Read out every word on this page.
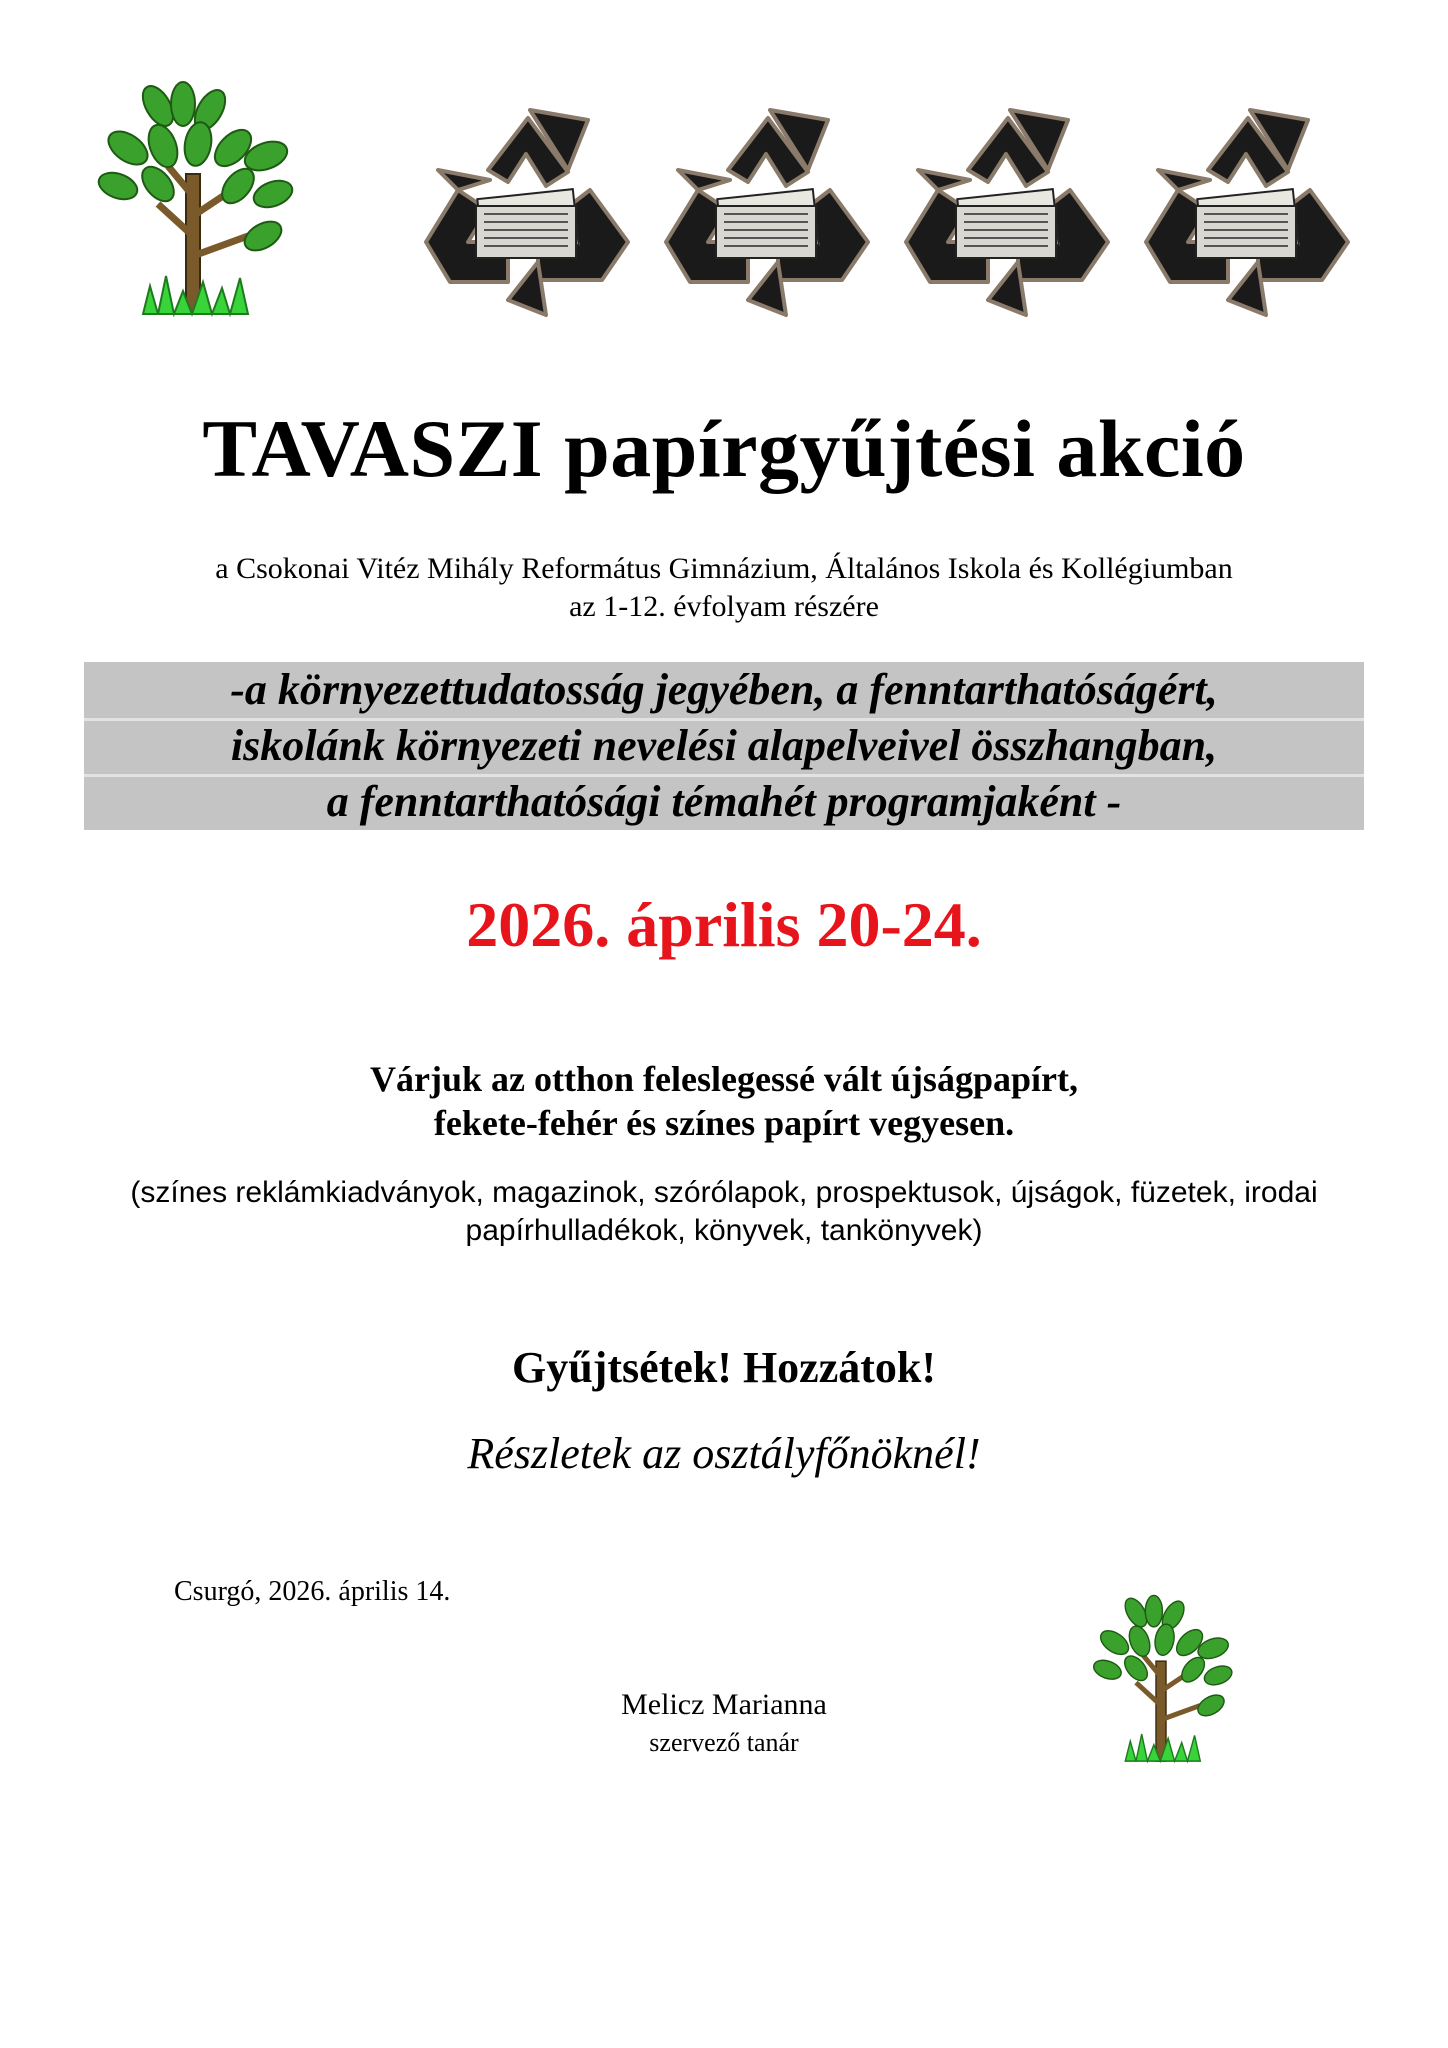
TAVASZI papírgyűjtési akció
a Csokonai Vitéz Mihály Református Gimnázium, Általános Iskola és Kollégiumban
az 1-12. évfolyam részére
-a környezettudatosság jegyében, a fenntarthatóságért,
iskolánk környezeti nevelési alapelveivel összhangban,
a fenntarthatósági témahét programjaként -
2026. április 20-24.
Várjuk az otthon feleslegessé vált újságpapírt,
fekete-fehér és színes papírt vegyesen.
(színes reklámkiadványok, magazinok, szórólapok, prospektusok, újságok, füzetek, irodai
papírhulladékok, könyvek, tankönyvek)
Gyűjtsétek! Hozzátok!
Részletek az osztályfőnöknél!
Csurgó, 2026. április 14.
Melicz Marianna
szervező tanár
